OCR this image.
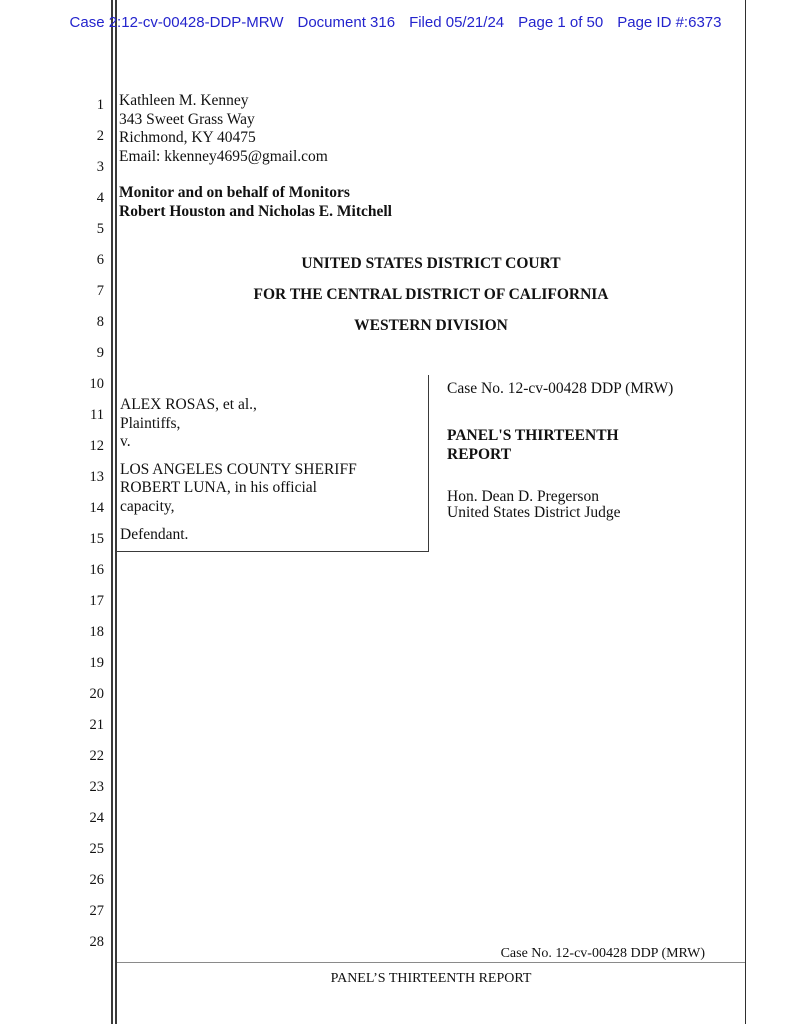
Case 2:12-cv-00428-DDP-MRW Document 316 Filed 05/21/24 Page 1 of 50 Page ID #:6373
1
2
3
4
5
6
7
8
9
10
11
12
13
14
15
16
17
18
19
20
21
22
23
24
25
26
27
28
Kathleen M. Kenney
343 Sweet Grass Way
Richmond, KY 40475
Email: kkenney4695@gmail.com
Monitor and on behalf of Monitors
Robert Houston and Nicholas E. Mitchell
UNITED STATES DISTRICT COURT
FOR THE CENTRAL DISTRICT OF CALIFORNIA
WESTERN DIVISION
ALEX ROSAS, et al.,
Plaintiffs,
v.
LOS ANGELES COUNTY SHERIFF
ROBERT LUNA, in his official
capacity,
Defendant.
Case No. 12-cv-00428 DDP (MRW)
PANEL'S THIRTEENTH
REPORT
Hon. Dean D. Pregerson
United States District Judge
Case No. 12-cv-00428 DDP (MRW)
PANEL’S THIRTEENTH REPORT
